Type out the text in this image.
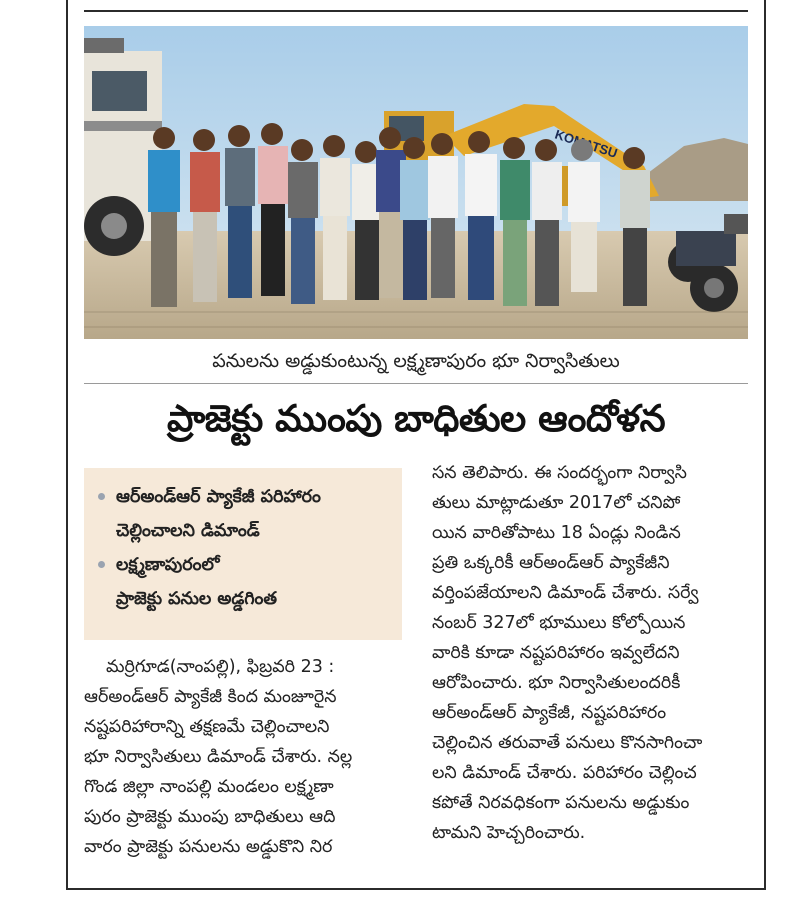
పనులను అడ్డుకుంటున్న లక్ష్మణాపురం భూ నిర్వాసితులు
ప్రాజెక్టు ముంపు బాధితుల ఆందోళన
ఆర్‌అండ్‌ఆర్ ప్యాకేజీ పరిహారం
చెల్లించాలని డిమాండ్
లక్ష్మణాపురంలో
ప్రాజెక్టు పనుల అడ్డగింత
మర్రిగూడ(నాంపల్లి), ఫిబ్రవరి 23 :
ఆర్‌అండ్‌ఆర్ ప్యాకేజీ కింద మంజూరైన
నష్టపరిహారాన్ని తక్షణమే చెల్లించాలని
భూ నిర్వాసితులు డిమాండ్ చేశారు. నల్ల
గొండ జిల్లా నాంపల్లి మండలం లక్ష్మణా
పురం ప్రాజెక్టు ముంపు బాధితులు ఆది
వారం ప్రాజెక్టు పనులను అడ్డుకొని నిర
సన తెలిపారు. ఈ సందర్భంగా నిర్వాసి
తులు మాట్లాడుతూ 2017లో చనిపో
యిన వారితోపాటు 18 ఏండ్లు నిండిన
ప్రతి ఒక్కరికీ ఆర్‌అండ్‌ఆర్ ప్యాకేజీని
వర్తింపజేయాలని డిమాండ్ చేశారు. సర్వే
నంబర్ 327లో భూములు కోల్పోయిన
వారికి కూడా నష్టపరిహారం ఇవ్వలేదని
ఆరోపించారు. భూ నిర్వాసితులందరికీ
ఆర్‌అండ్‌ఆర్ ప్యాకేజీ, నష్టపరిహారం
చెల్లించిన తరువాతే పనులు కొనసాగించా
లని డిమాండ్ చేశారు. పరిహారం చెల్లించ
కపోతే నిరవధికంగా పనులను అడ్డుకుం
టామని హెచ్చరించారు.
